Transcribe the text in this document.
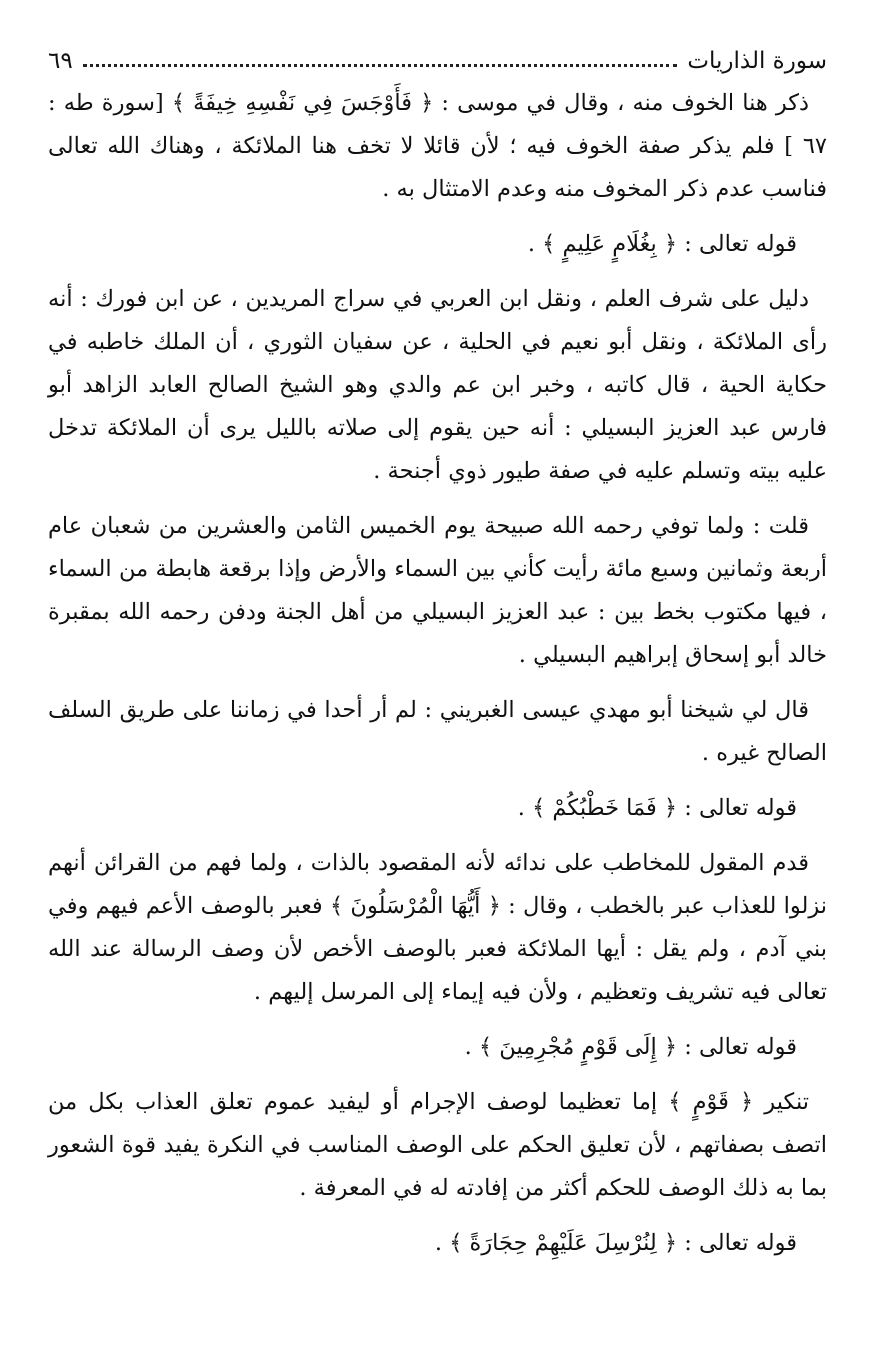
سورة الذاريات
٦٩

ذكر هنا الخوف منه ، وقال في موسى : ﴿ فَأَوْجَسَ فِي نَفْسِهِ خِيفَةً ﴾ [سورة طه : ٦٧ ] فلم يذكر صفة الخوف فيه ؛ لأن قائلا لا تخف هنا الملائكة ، وهناك الله تعالى فناسب عدم ذكر المخوف منه وعدم الامتثال به .

قوله تعالى : ﴿ بِغُلَامٍ عَلِيمٍ ﴾ .

دليل على شرف العلم ، ونقل ابن العربي في سراج المريدين ، عن ابن فورك : أنه رأى الملائكة ، ونقل أبو نعيم في الحلية ، عن سفيان الثوري ، أن الملك خاطبه في حكاية الحية ، قال كاتبه ، وخبر ابن عم والدي وهو الشيخ الصالح العابد الزاهد أبو فارس عبد العزيز البسيلي : أنه حين يقوم إلى صلاته بالليل يرى أن الملائكة تدخل عليه بيته وتسلم عليه في صفة طيور ذوي أجنحة .

قلت : ولما توفي رحمه الله صبيحة يوم الخميس الثامن والعشرين من شعبان عام أربعة وثمانين وسبع مائة رأيت كأني بين السماء والأرض وإذا برقعة هابطة من السماء ، فيها مكتوب بخط بين : عبد العزيز البسيلي من أهل الجنة ودفن رحمه الله بمقبرة خالد أبو إسحاق إبراهيم البسيلي .

قال لي شيخنا أبو مهدي عيسى الغبريني : لم أر أحدا في زماننا على طريق السلف الصالح غيره .

قوله تعالى : ﴿ فَمَا خَطْبُكُمْ ﴾ .

قدم المقول للمخاطب على ندائه لأنه المقصود بالذات ، ولما فهم من القرائن أنهم نزلوا للعذاب عبر بالخطب ، وقال : ﴿ أَيُّهَا الْمُرْسَلُونَ ﴾ فعبر بالوصف الأعم فيهم وفي بني آدم ، ولم يقل : أيها الملائكة فعبر بالوصف الأخص لأن وصف الرسالة عند الله تعالى فيه تشريف وتعظيم ، ولأن فيه إيماء إلى المرسل إليهم .

قوله تعالى : ﴿ إِلَى قَوْمٍ مُجْرِمِينَ ﴾ .

تنكير ﴿ قَوْمٍ ﴾ إما تعظيما لوصف الإجرام أو ليفيد عموم تعلق العذاب بكل من اتصف بصفاتهم ، لأن تعليق الحكم على الوصف المناسب في النكرة يفيد قوة الشعور بما به ذلك الوصف للحكم أكثر من إفادته له في المعرفة .

قوله تعالى : ﴿ لِنُرْسِلَ عَلَيْهِمْ حِجَارَةً ﴾ .
